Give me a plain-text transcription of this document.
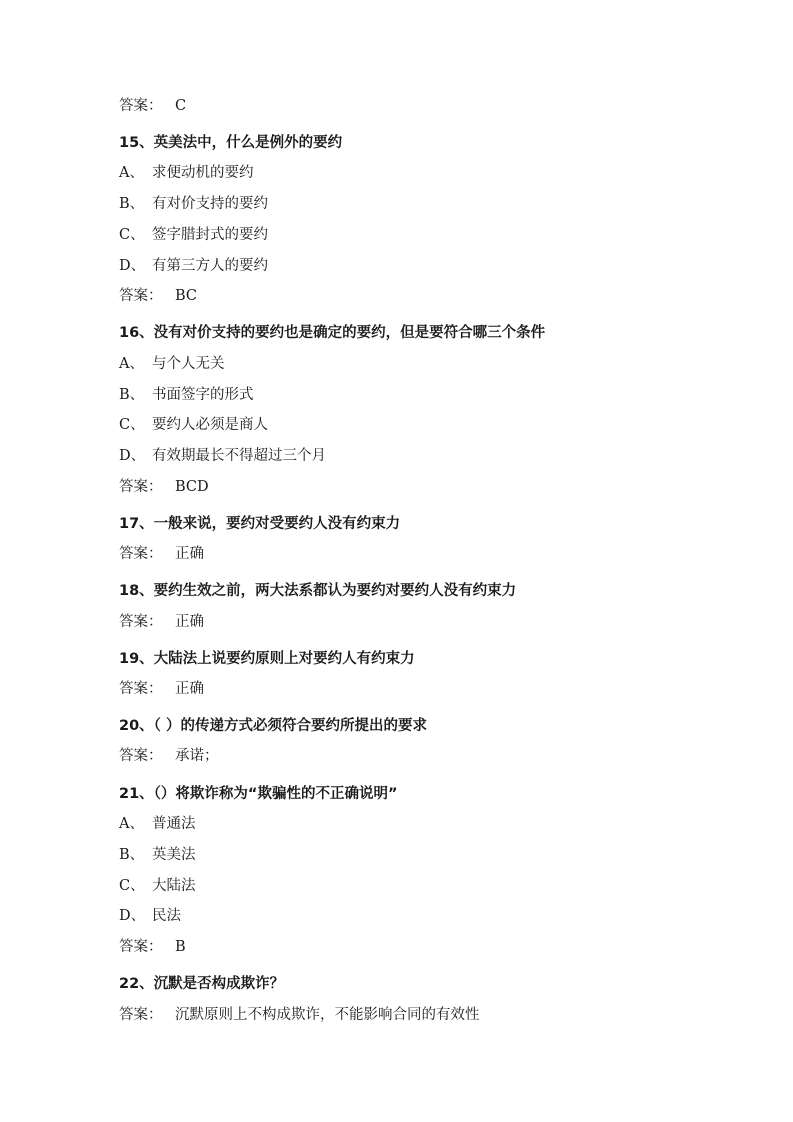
答案： C
15、英美法中，什么是例外的要约
A、 求便动机的要约
B、 有对价支持的要约
C、 签字腊封式的要约
D、 有第三方人的要约
答案： BC
16、没有对价支持的要约也是确定的要约，但是要符合哪三个条件
A、 与个人无关
B、 书面签字的形式
C、 要约人必须是商人
D、 有效期最长不得超过三个月
答案： BCD
17、一般来说，要约对受要约人没有约束力
答案： 正确
18、要约生效之前，两大法系都认为要约对要约人没有约束力
答案： 正确
19、大陆法上说要约原则上对要约人有约束力
答案： 正确
20、（ ）的传递方式必须符合要约所提出的要求
答案： 承诺；
21、（）将欺诈称为“欺骗性的不正确说明”
A、 普通法
B、 英美法
C、 大陆法
D、 民法
答案： B
22、沉默是否构成欺诈？
答案： 沉默原则上不构成欺诈，不能影响合同的有效性
